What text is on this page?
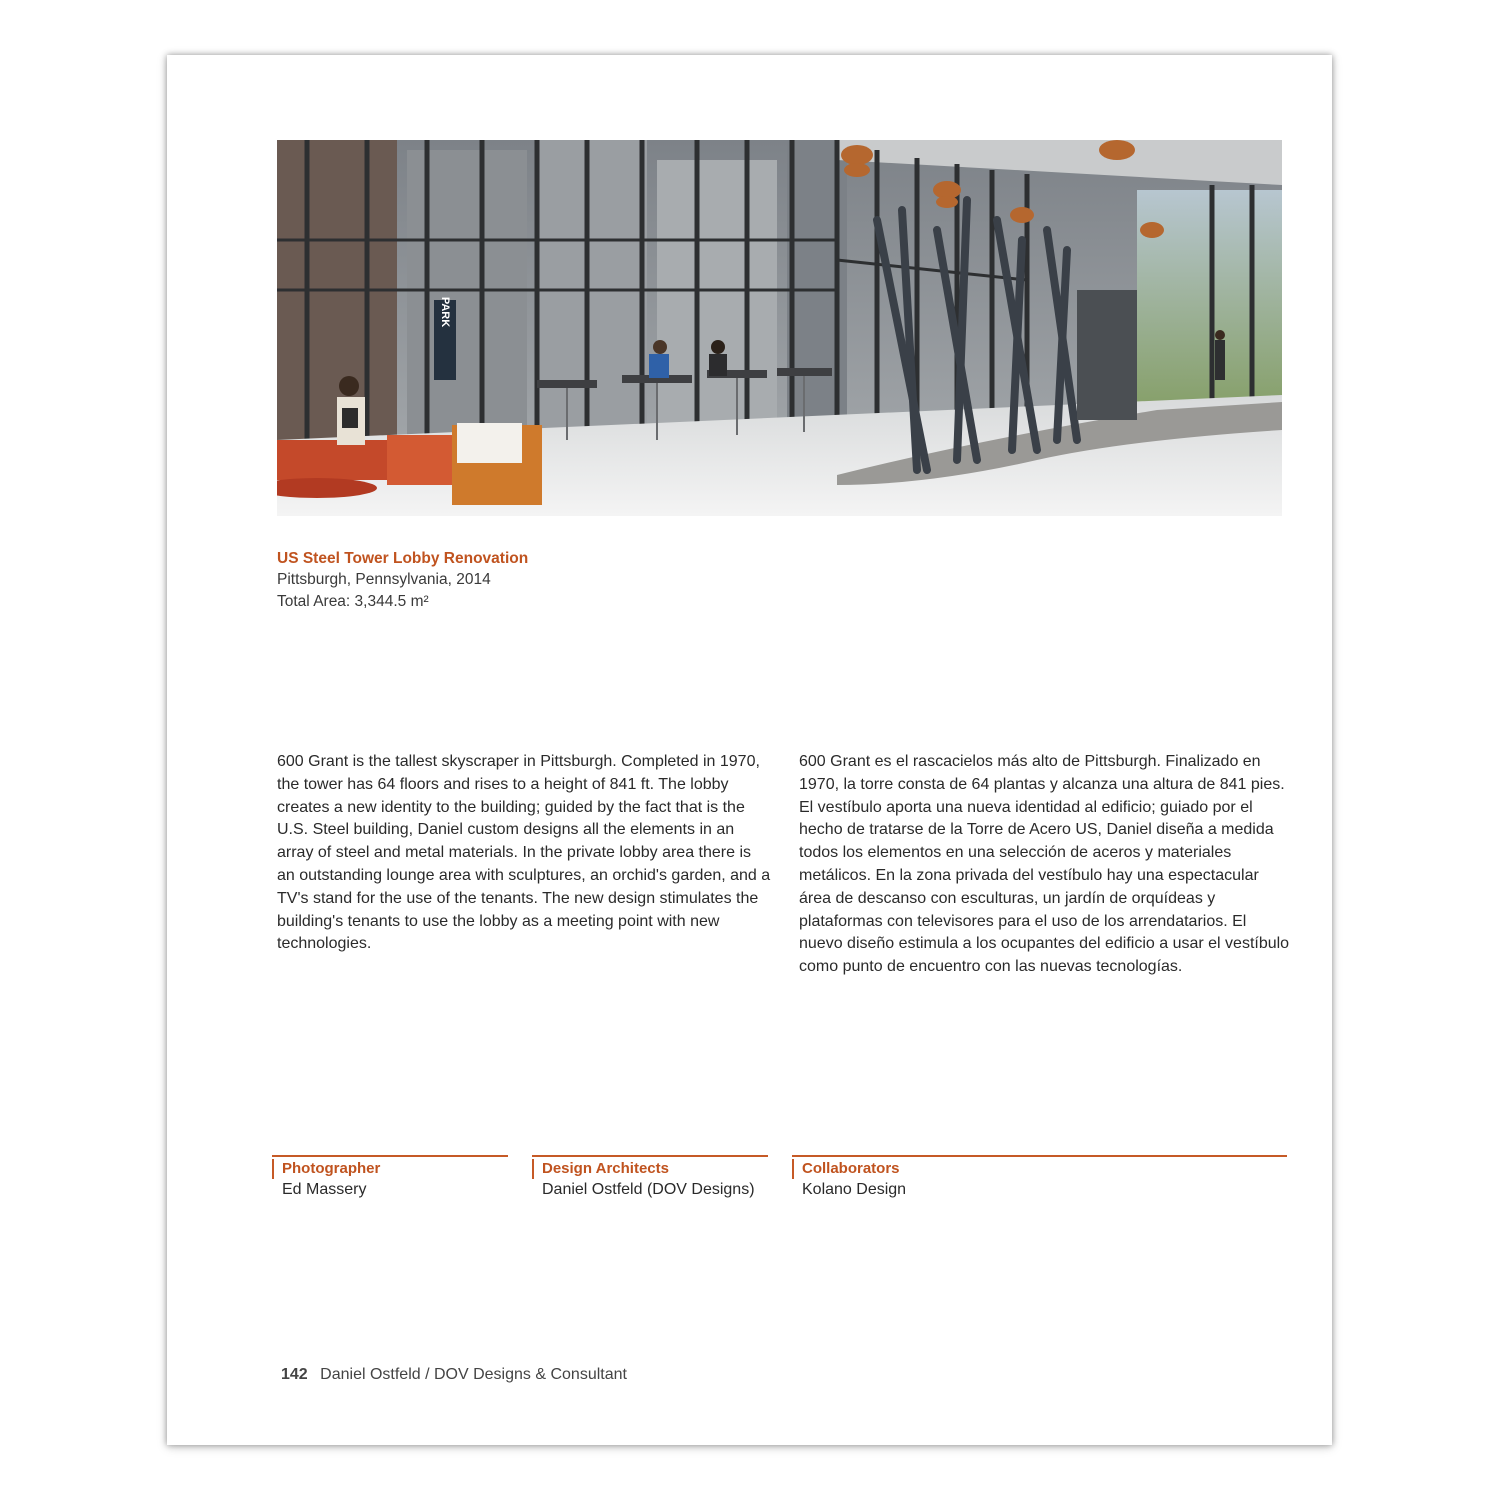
PARK
US Steel Tower Lobby Renovation
Pittsburgh, Pennsylvania, 2014
Total Area: 3,344.5 m²
600 Grant is the tallest skyscraper in Pittsburgh. Completed in 1970, the tower has 64 floors and rises to a height of 841 ft. The lobby creates a new identity to the building; guided by the fact that is the U.S. Steel building, Daniel custom designs all the elements in an array of steel and metal materials. In the private lobby area there is an outstanding lounge area with sculptures, an orchid's garden, and a TV's stand for the use of the tenants. The new design stimulates the building's tenants to use the lobby as a meeting point with new technologies.
600 Grant es el rascacielos más alto de Pittsburgh. Finalizado en 1970, la torre consta de 64 plantas y alcanza una altura de 841 pies. El vestíbulo aporta una nueva identidad al edificio; guiado por el hecho de tratarse de la Torre de Acero US, Daniel diseña a medida todos los elementos en una selección de aceros y materiales metálicos. En la zona privada del vestíbulo hay una espectacular área de descanso con esculturas, un jardín de orquídeas y plataformas con televisores para el uso de los arrendatarios. El nuevo diseño estimula a los ocupantes del edificio a usar el vestíbulo como punto de encuentro con las nuevas tecnologías.
Photographer
Ed Massery
Design Architects
Daniel Ostfeld (DOV Designs)
Collaborators
Kolano Design
142 Daniel Ostfeld / DOV Designs & Consultant
